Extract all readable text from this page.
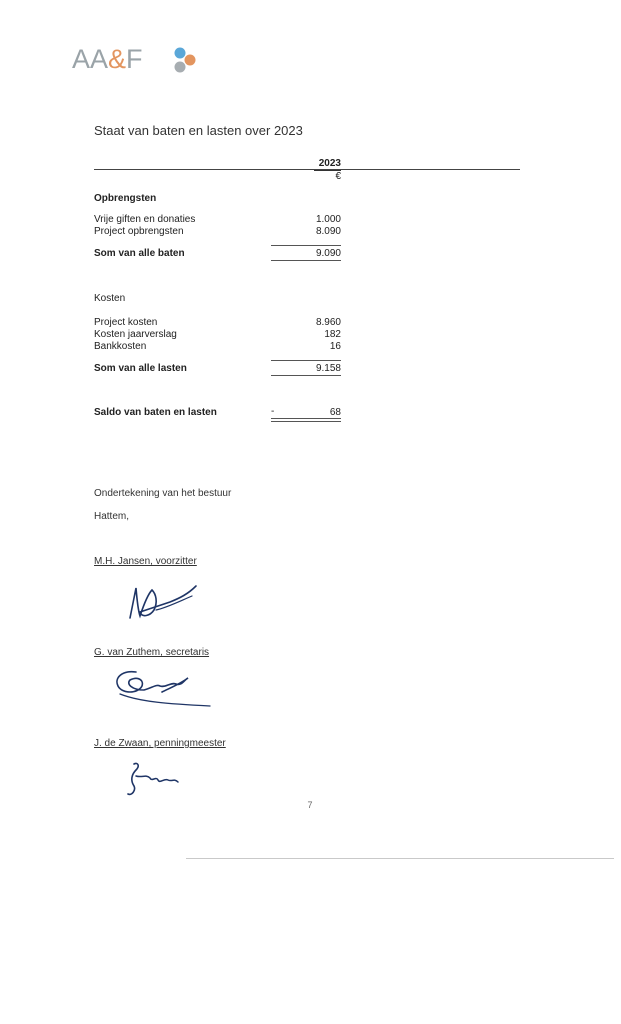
AA&F
Staat van baten en lasten over 2023
2023
€
Opbrengsten
Vrije giften en donaties	1.000
Project opbrengsten	8.090
Som van alle baten	9.090
Kosten
Project kosten	8.960
Kosten jaarverslag	182
Bankkosten	16
Som van alle lasten	9.158
Saldo van baten en lasten	-	68
Ondertekening van het bestuur
Hattem,
M.H. Jansen, voorzitter
G. van Zuthem, secretaris
J. de Zwaan, penningmeester
7
